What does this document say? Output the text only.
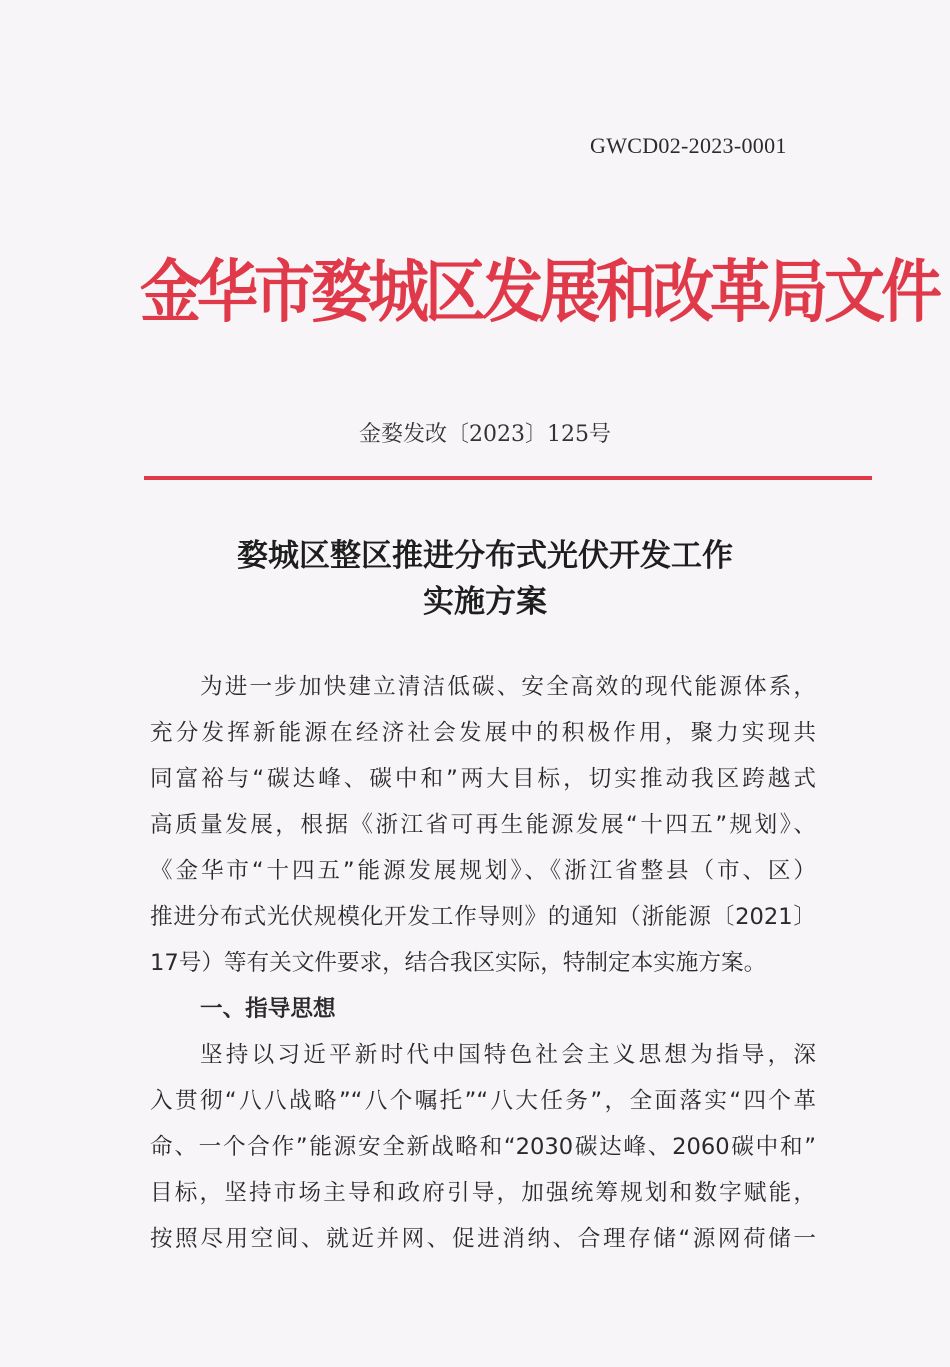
GWCD02-2023-0001
金华市婺城区发展和改革局文件
金婺发改〔2023〕125号
婺城区整区推进分布式光伏开发工作
实施方案
为进一步加快建立清洁低碳、安全高效的现代能源体系，
充分发挥新能源在经济社会发展中的积极作用，聚力实现共
同富裕与“碳达峰、碳中和”两大目标，切实推动我区跨越式
高质量发展，根据《浙江省可再生能源发展“十四五”规划》、
《金华市“十四五”能源发展规划》、《浙江省整县（市、区）
推进分布式光伏规模化开发工作导则》的通知（浙能源〔2021〕
17号）等有关文件要求，结合我区实际，特制定本实施方案。
一、指导思想
坚持以习近平新时代中国特色社会主义思想为指导，深
入贯彻“八八战略”“八个嘱托”“八大任务”，全面落实“四个革
命、一个合作”能源安全新战略和“2030碳达峰、2060碳中和”
目标，坚持市场主导和政府引导，加强统筹规划和数字赋能，
按照尽用空间、就近并网、促进消纳、合理存储“源网荷储一
